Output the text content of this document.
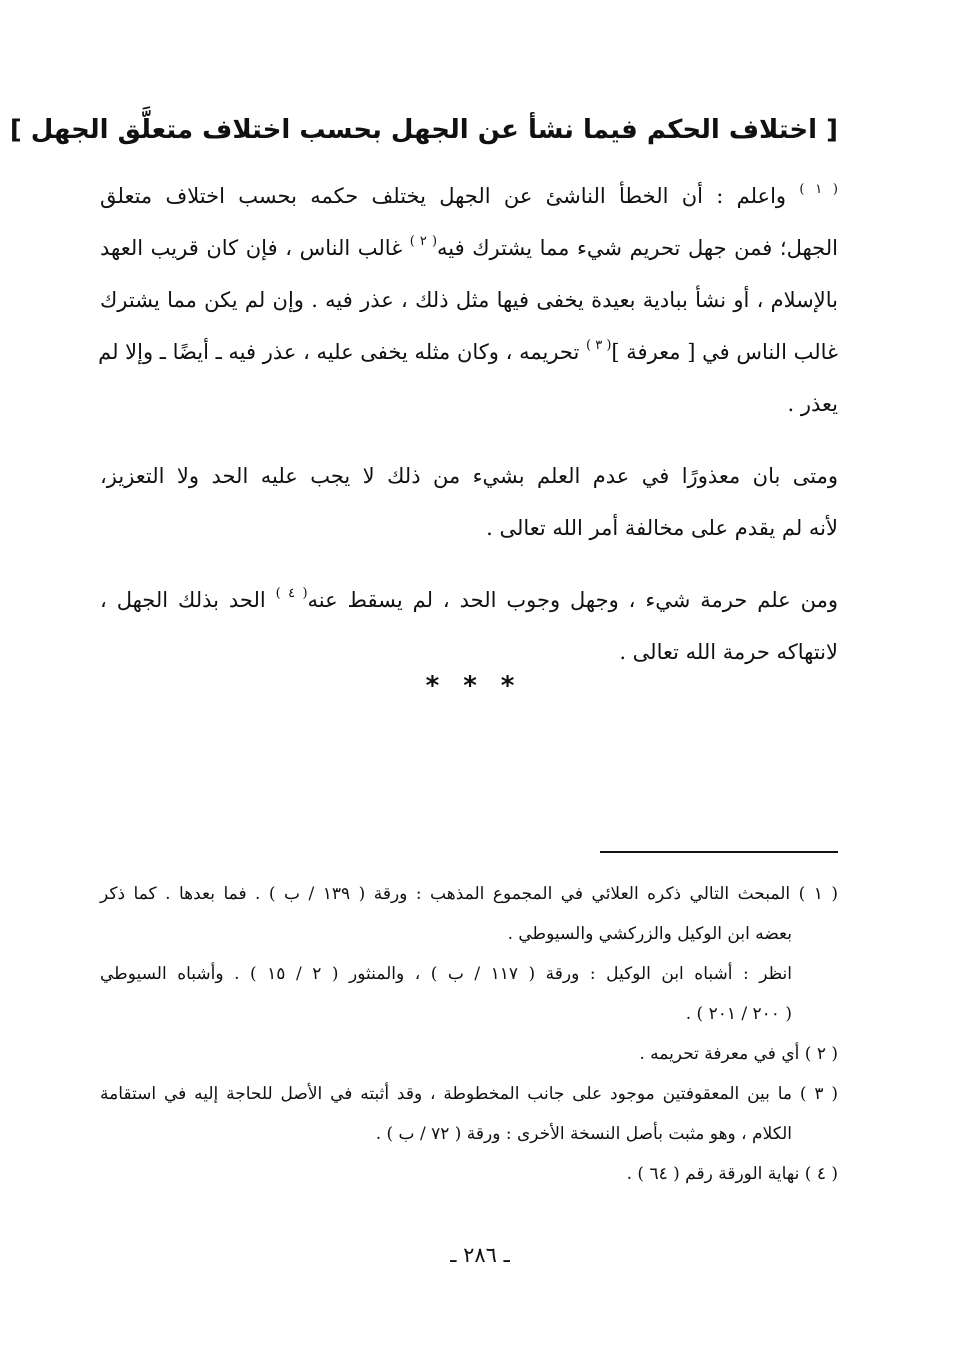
[ اختلاف الحكم فيما نشأ عن الجهل بحسب اختلاف متعلَّق الجهل ]
$^{( ١ )}$ واعلم : أن الخطأ الناشئ عن الجهل يختلف حكمه بحسب اختلاف متعلق
الجهل؛ فمن جهل تحريم شيء مما يشترك فيه$^{( ٢ )}$ غالب الناس ، فإن كان قريب العهد
بالإسلام ، أو نشأ ببادية بعيدة يخفى فيها مثل ذلك ، عذر فيه . وإن لم يكن مما يشترك
غالب الناس في [ معرفة ]$^{( ٣ )}$ تحريمه ، وكان مثله يخفى عليه ، عذر فيه ـ أيضًا ـ وإلا لم
يعذر .
ومتى بان معذورًا في عدم العلم بشيء من ذلك لا يجب عليه الحد ولا التعزيز،
لأنه لم يقدم على مخالفة أمر الله تعالى .
ومن علم حرمة شيء ، وجهل وجوب الحد ، لم يسقط عنه$^{( ٤ )}$ الحد بذلك الجهل ،
لانتهاكه حرمة الله تعالى .
* * *
( ١ ) المبحث التالي ذكره العلائي في المجموع المذهب : ورقة ( ١٣٩ / ب ) . فما بعدها . كما ذكر
بعضه ابن الوكيل والزركشي والسيوطي .
انظر : أشباه ابن الوكيل : ورقة ( ١١٧ / ب ) ، والمنثور ( ٢ / ١٥ ) . وأشباه السيوطي
( ٢٠٠ / ٢٠١ ) .
( ٢ ) أي في معرفة تحريمه .
( ٣ ) ما بين المعقوفتين موجود على جانب المخطوطة ، وقد أثبته في الأصل للحاجة إليه في استقامة
الكلام ، وهو مثبت بأصل النسخة الأخرى : ورقة ( ٧٢ / ب ) .
( ٤ ) نهاية الورقة رقم ( ٦٤ ) .
ـ ٢٨٦ ـ
